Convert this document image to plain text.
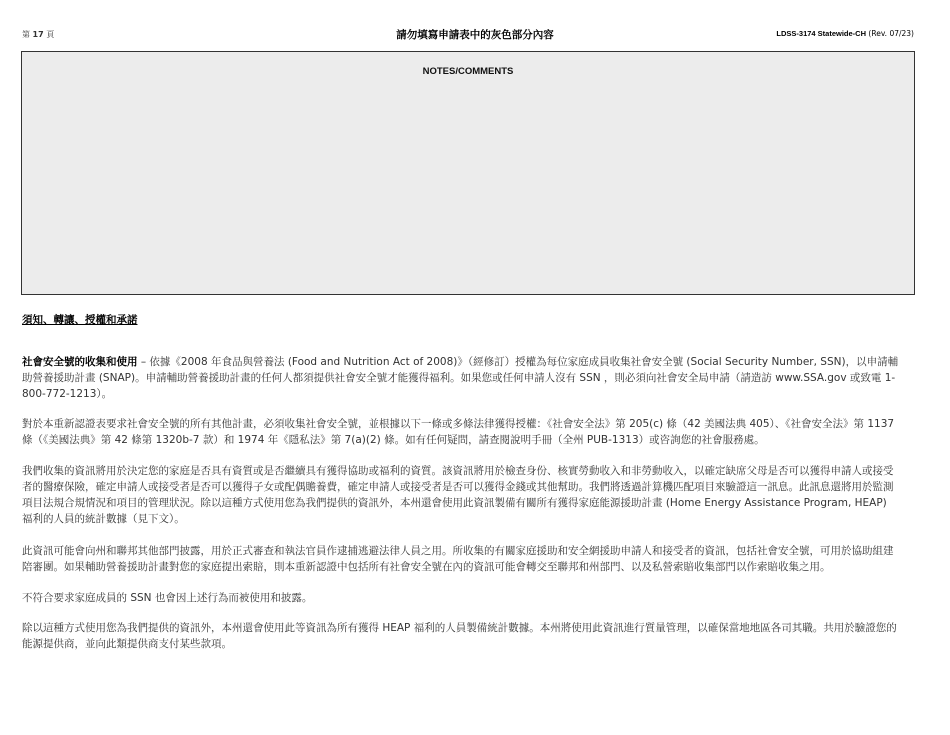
第 17 頁	請勿填寫申請表中的灰色部分內容	LDSS-3174 Statewide-CH (Rev. 07/23)
NOTES/COMMENTS
須知、轉讓、授權和承諾

社會安全號的收集和使用 – 依據《2008 年食品與營養法 (Food and Nutrition Act of 2008)》（經修訂）授權為每位家庭成員收集社會安全號 (Social Security Number, SSN)，以申請輔助營養援助計畫 (SNAP)。申請輔助營養援助計畫的任何人都須提供社會安全號才能獲得福利。如果您或任何申請人沒有 SSN ，則必須向社會安全局申請（請造訪 www.SSA.gov 或致電 1-800-772-1213）。

對於本重新認證表要求社會安全號的所有其他計畫，必須收集社會安全號，並根據以下一條或多條法律獲得授權：《社會安全法》第 205(c) 條（42 美國法典 405）、《社會安全法》第 1137 條（《美國法典》第 42 條第 1320b-7 款）和 1974 年《隱私法》第 7(a)(2) 條。如有任何疑問，請查閱說明手冊（全州 PUB-1313）或咨詢您的社會服務處。

我們收集的資訊將用於決定您的家庭是否具有資質或是否繼續具有獲得協助或福利的資質。該資訊將用於檢查身份、核實勞動收入和非勞動收入，以確定缺席父母是否可以獲得申請人或接受者的醫療保險，確定申請人或接受者是否可以獲得子女或配偶贍養費，確定申請人或接受者是否可以獲得金錢或其他幫助。我們將透過計算機匹配項目來驗證這一訊息。此訊息還將用於監測項目法規合規情況和項目的管理狀況。除以這種方式使用您為我們提供的資訊外，本州還會使用此資訊製備有關所有獲得家庭能源援助計畫 (Home Energy Assistance Program, HEAP) 福利的人員的統計數據（見下文）。

此資訊可能會向州和聯邦其他部門披露，用於正式審查和執法官員作逮捕逃避法律人員之用。所收集的有關家庭援助和安全網援助申請人和接受者的資訊，包括社會安全號，可用於協助組建陪審團。如果輔助營養援助計畫對您的家庭提出索賠，則本重新認證中包括所有社會安全號在內的資訊可能會轉交至聯邦和州部門、以及私營索賠收集部門以作索賠收集之用。

不符合要求家庭成員的 SSN 也會因上述行為而被使用和披露。

除以這種方式使用您為我們提供的資訊外，本州還會使用此等資訊為所有獲得 HEAP 福利的人員製備統計數據。本州將使用此資訊進行質量管理，以確保當地地區各司其職。共用於驗證您的能源提供商，並向此類提供商支付某些款項。
